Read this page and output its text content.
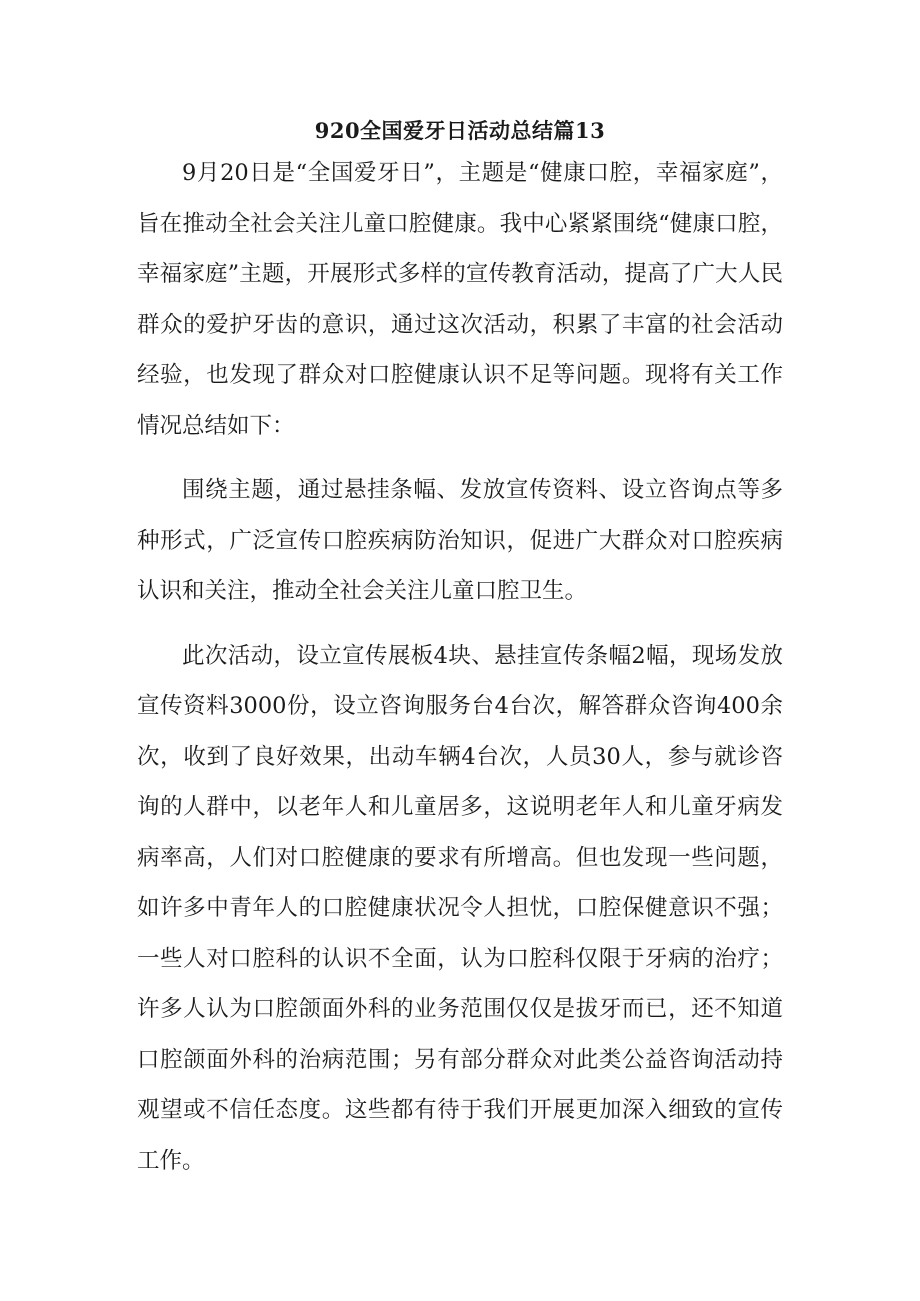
920全国爱牙日活动总结篇13

9月20日是“全国爱牙日”，主题是“健康口腔，幸福家庭”，旨在推动全社会关注儿童口腔健康。我中心紧紧围绕“健康口腔，幸福家庭”主题，开展形式多样的宣传教育活动，提高了广大人民群众的爱护牙齿的意识，通过这次活动，积累了丰富的社会活动经验，也发现了群众对口腔健康认识不足等问题。现将有关工作情况总结如下：

围绕主题，通过悬挂条幅、发放宣传资料、设立咨询点等多种形式，广泛宣传口腔疾病防治知识，促进广大群众对口腔疾病认识和关注，推动全社会关注儿童口腔卫生。

此次活动，设立宣传展板4块、悬挂宣传条幅2幅，现场发放宣传资料3000份，设立咨询服务台4台次，解答群众咨询400余次，收到了良好效果，出动车辆4台次，人员30人，参与就诊咨询的人群中，以老年人和儿童居多，这说明老年人和儿童牙病发病率高，人们对口腔健康的要求有所增高。但也发现一些问题，如许多中青年人的口腔健康状况令人担忧，口腔保健意识不强；一些人对口腔科的认识不全面，认为口腔科仅限于牙病的治疗；许多人认为口腔颌面外科的业务范围仅仅是拔牙而已，还不知道口腔颌面外科的治病范围；另有部分群众对此类公益咨询活动持观望或不信任态度。这些都有待于我们开展更加深入细致的宣传工作。
